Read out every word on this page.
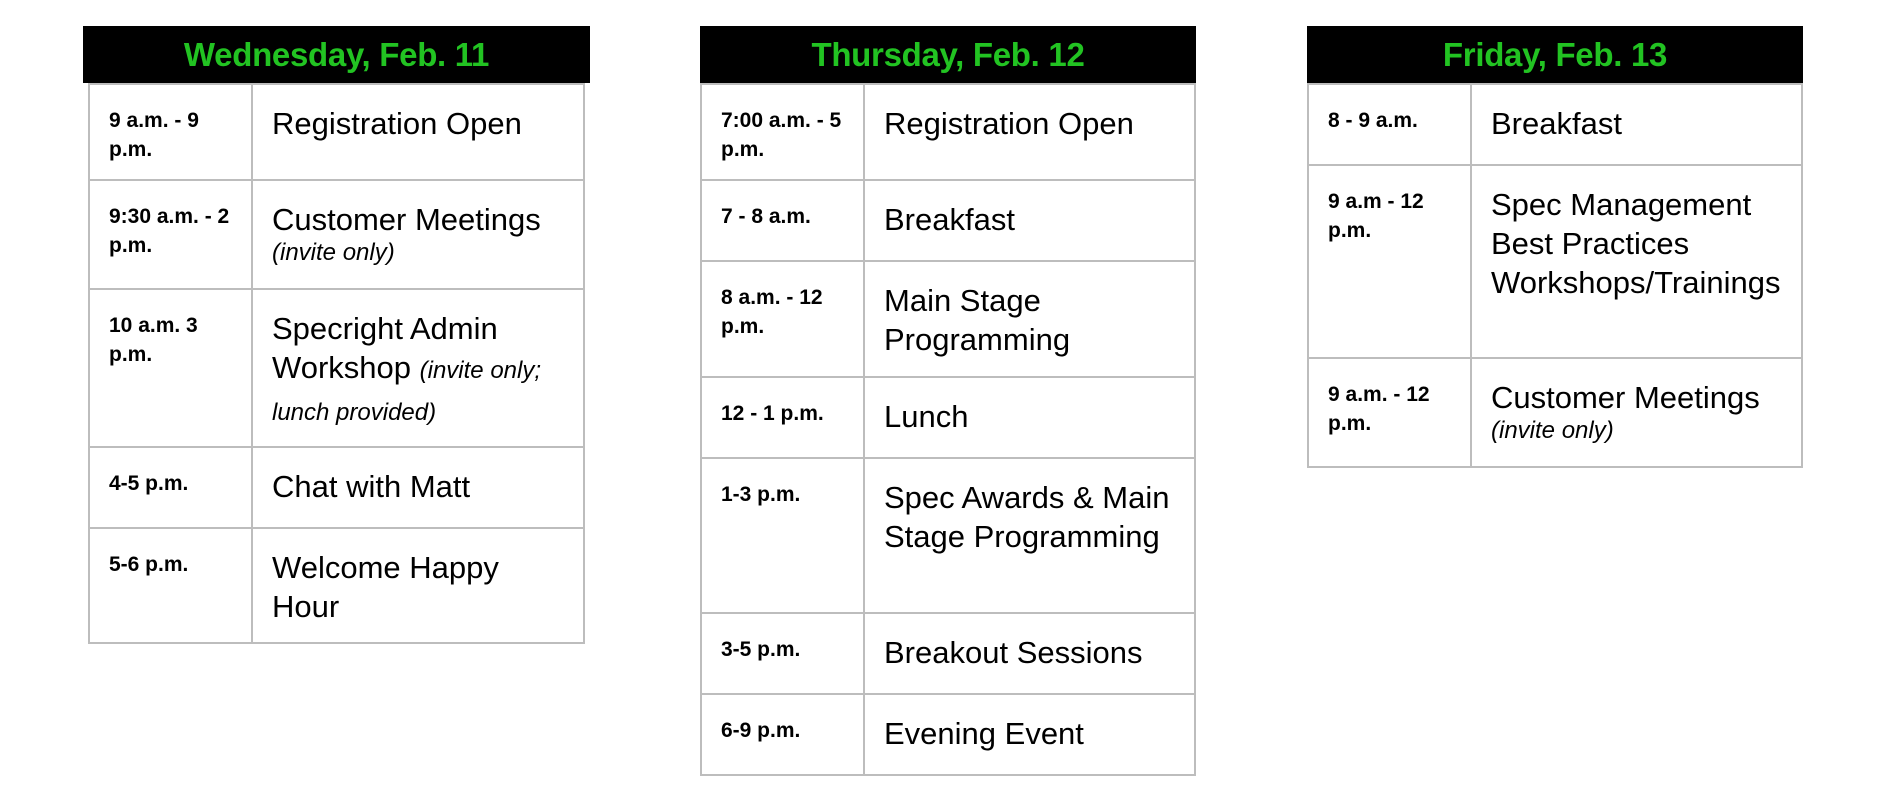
Wednesday, Feb. 11
9 a.m. - 9 p.m.	Registration Open
9:30 a.m. - 2 p.m.	Customer Meetings
(invite only)

10 a.m. 3 p.m.	Specright Admin Workshop (invite only; lunch provided)
4-5 p.m.	Chat with Matt
5-6 p.m.	Welcome Happy Hour
Thursday, Feb. 12
7:00 a.m. - 5 p.m.	Registration Open
7 - 8 a.m.	Breakfast
8 a.m. - 12 p.m.	Main Stage Programming
12 - 1 p.m.	Lunch
1-3 p.m.	Spec Awards & Main Stage Programming
3-5 p.m.	Breakout Sessions
6-9 p.m.	Evening Event
Friday, Feb. 13
8 - 9 a.m.	Breakfast
9 a.m - 12 p.m.	Spec Management Best Practices Workshops/Trainings
9 a.m. - 12 p.m.	Customer Meetings
(invite only)
